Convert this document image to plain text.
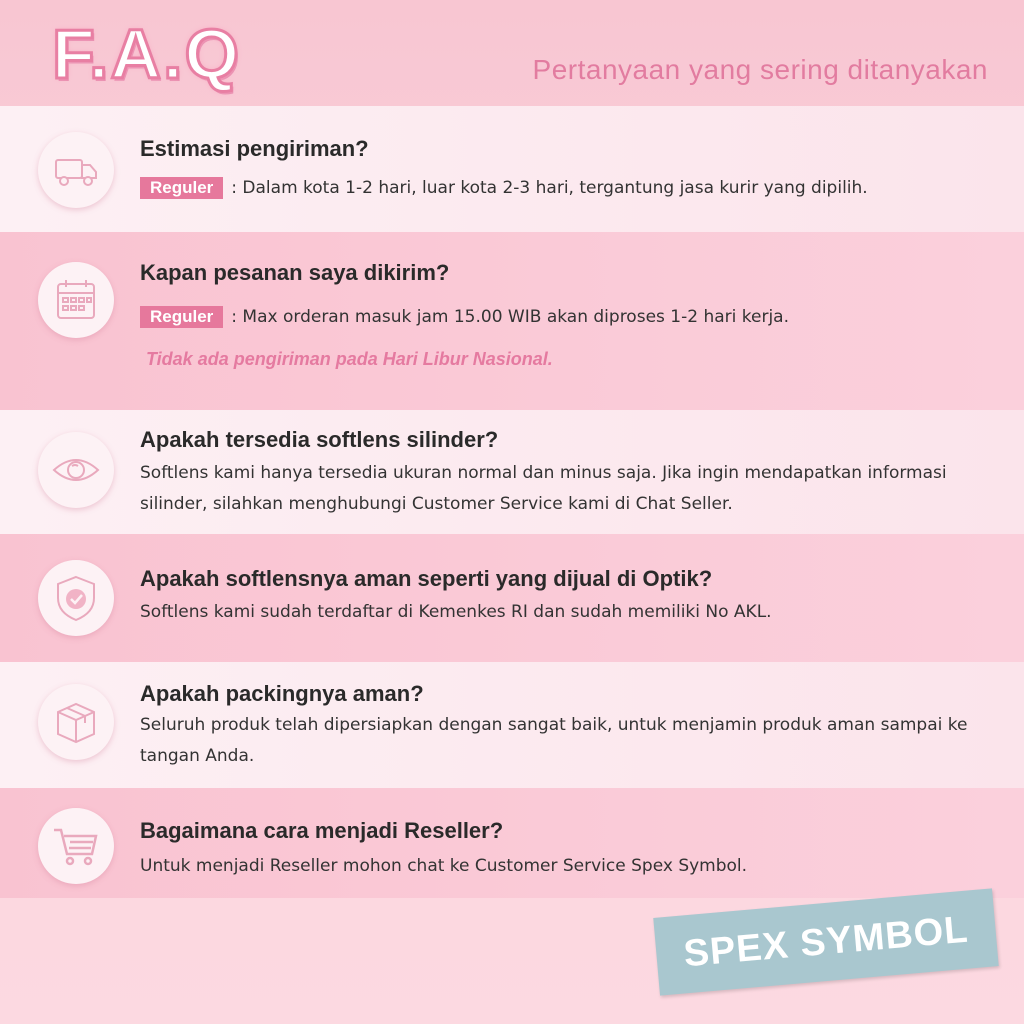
F.A.Q	Pertanyaan yang sering ditanyakan
Estimasi pengiriman?
Reguler : Dalam kota 1-2 hari, luar kota 2-3 hari, tergantung jasa kurir yang dipilih.
Kapan pesanan saya dikirim?
Reguler : Max orderan masuk jam 15.00 WIB akan diproses 1-2 hari kerja.
Tidak ada pengiriman pada Hari Libur Nasional.
Apakah tersedia softlens silinder?
Softlens kami hanya tersedia ukuran normal dan minus saja. Jika ingin mendapatkan informasi silinder, silahkan menghubungi Customer Service kami di Chat Seller.
Apakah softlensnya aman seperti yang dijual di Optik?
Softlens kami sudah terdaftar di Kemenkes RI dan sudah memiliki No AKL.
Apakah packingnya aman?
Seluruh produk telah dipersiapkan dengan sangat baik, untuk menjamin produk aman sampai ke tangan Anda.
Bagaimana cara menjadi Reseller?
Untuk menjadi Reseller mohon chat ke Customer Service Spex Symbol.
SPEX SYMBOL
